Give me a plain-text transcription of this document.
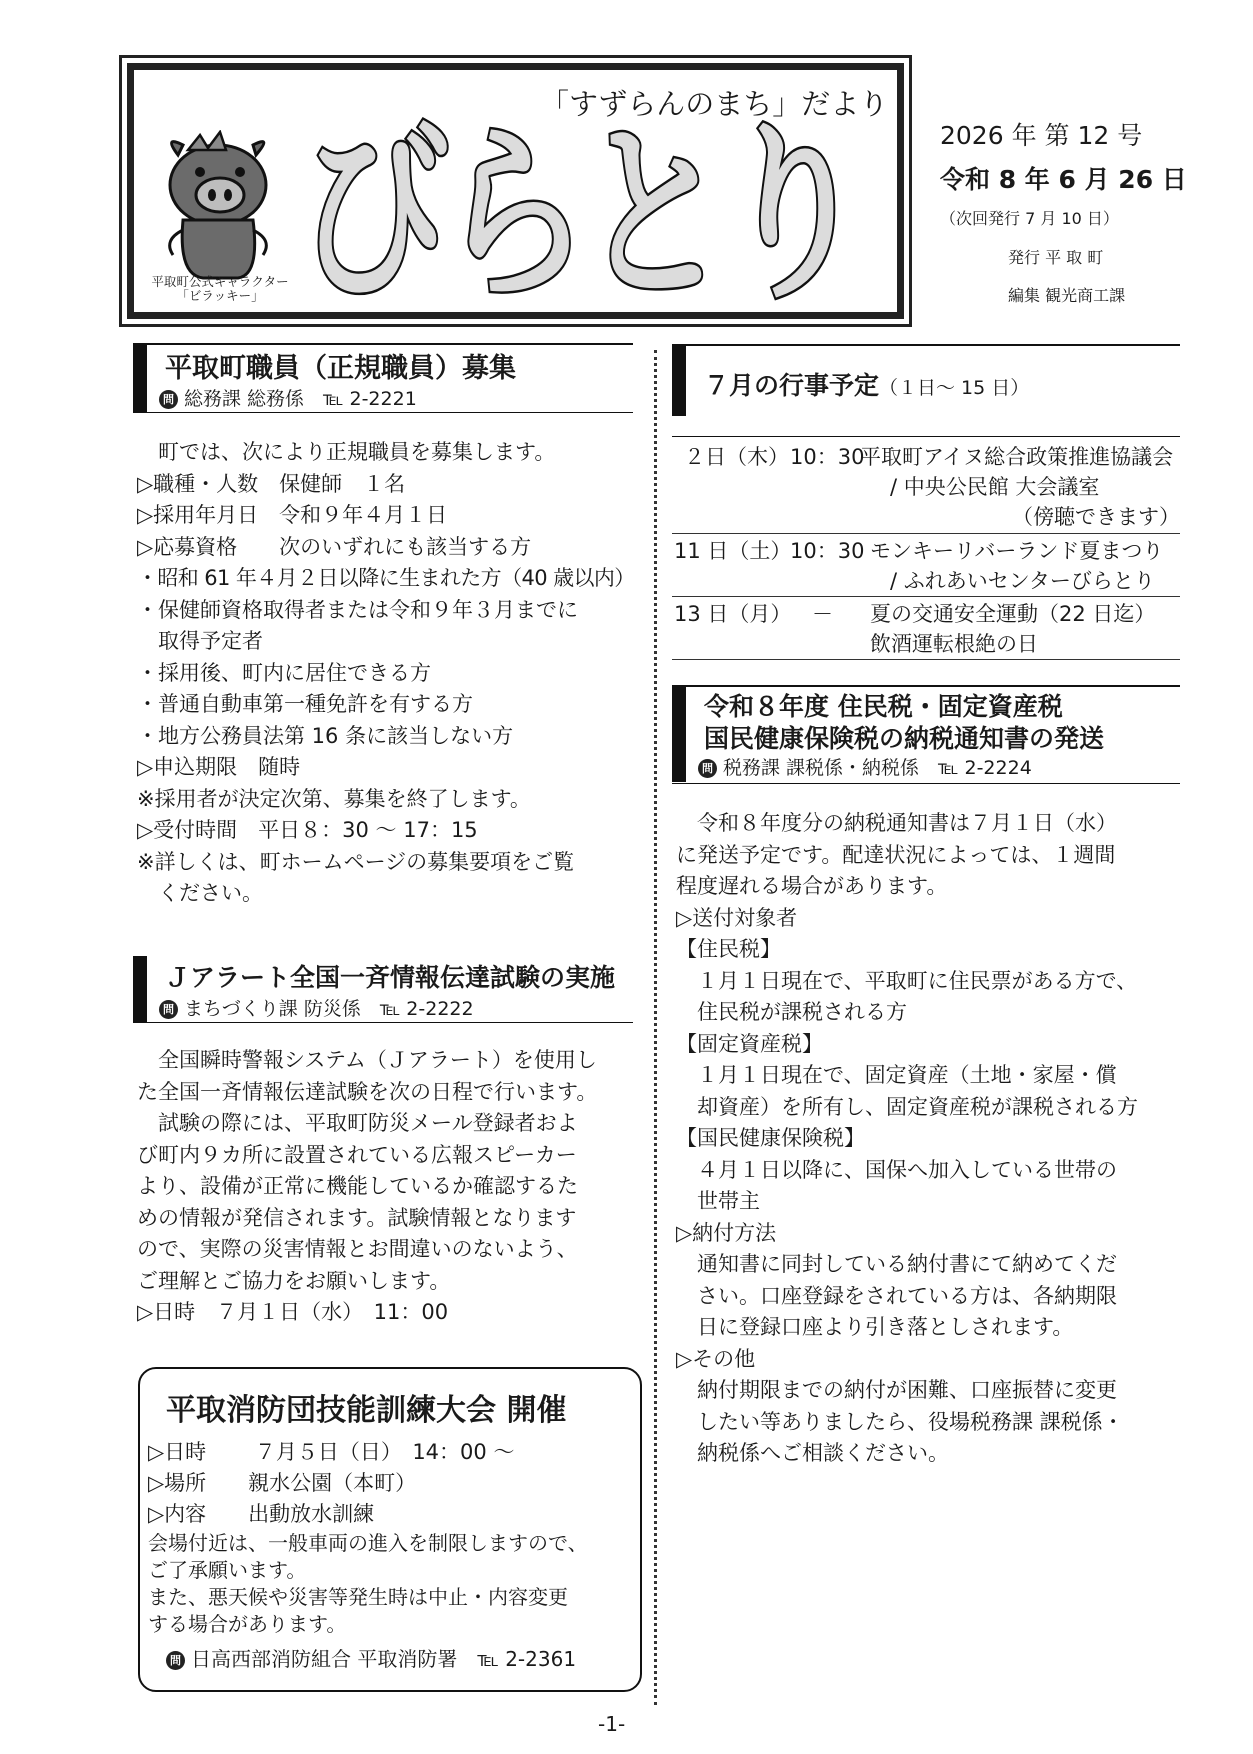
「すずらんのまち」だより
平取町公式キャラクター
「ビラッキー」 びらとり	2026 年 第 12 号
令和 8 年 6 月 26 日
（次回発行 7 月 10 日）
発行 平 取 町
編集 観光商工課
平取町職員（正規職員）募集
問 総務課 総務係　℡ 2-2221

町では、次により正規職員を募集します。

▷職種・人数　保健師　１名

▷採用年月日　令和９年４月１日

▷応募資格　　次のいずれにも該当する方

・昭和 61 年４月２日以降に生まれた方（40 歳以内）

・保健師資格取得者または令和９年３月までに

取得予定者

・採用後、町内に居住できる方

・普通自動車第一種免許を有する方

・地方公務員法第 16 条に該当しない方

▷申込期限　随時

※採用者が決定次第、募集を終了します。

▷受付時間　平日８：30 ～ 17：15

※詳しくは、町ホームページの募集要項をご覧

ください。

Ｊアラート全国一斉情報伝達試験の実施
問 まちづくり課 防災係　℡ 2-2222

全国瞬時警報システム（Ｊアラート）を使用し

た全国一斉情報伝達試験を次の日程で行います。

試験の際には、平取町防災メール登録者およ

び町内９カ所に設置されている広報スピーカー

より、設備が正常に機能しているか確認するた

めの情報が発信されます。試験情報となります

ので、実際の災害情報とお間違いのないよう、

ご理解とご協力をお願いします。

▷日時　７月１日（水）　11：00

平取消防団技能訓練大会 開催

▷日時　　 ７月５日（日）　14：00 ～

▷場所　　親水公園（本町）

▷内容　　出動放水訓練

会場付近は、一般車両の進入を制限しますので、

ご了承願います。

また、悪天候や災害等発生時は中止・内容変更

する場合があります。

問 日高西部消防組合 平取消防署　℡ 2-2361

７月の行事予定（１日～ 15 日）
２日（木） 10：30
平取町アイヌ総合政策推進協議会
/ 中央公民館 大会議室
（傍聴できます）
11 日（土）
10：30 モンキーリバーランド夏まつり
/ ふれあいセンターびらとり
13 日（月） － 夏の交通安全運動（22 日迄）
飲酒運転根絶の日
令和８年度 住民税・固定資産税
国民健康保険税の納税通知書の発送
問 税務課 課税係・納税係　℡ 2-2224

令和８年度分の納税通知書は７月１日（水）

に発送予定です。配達状況によっては、１週間

程度遅れる場合があります。

▷送付対象者

【住民税】

１月１日現在で、平取町に住民票がある方で、

住民税が課税される方

【固定資産税】

１月１日現在で、固定資産（土地・家屋・償

却資産）を所有し、固定資産税が課税される方

【国民健康保険税】

４月１日以降に、国保へ加入している世帯の

世帯主

▷納付方法

通知書に同封している納付書にて納めてくだ

さい。口座登録をされている方は、各納期限

日に登録口座より引き落としされます。

▷その他

納付期限までの納付が困難、口座振替に変更

したい等ありましたら、役場税務課 課税係・

納税係へご相談ください。

-1-
